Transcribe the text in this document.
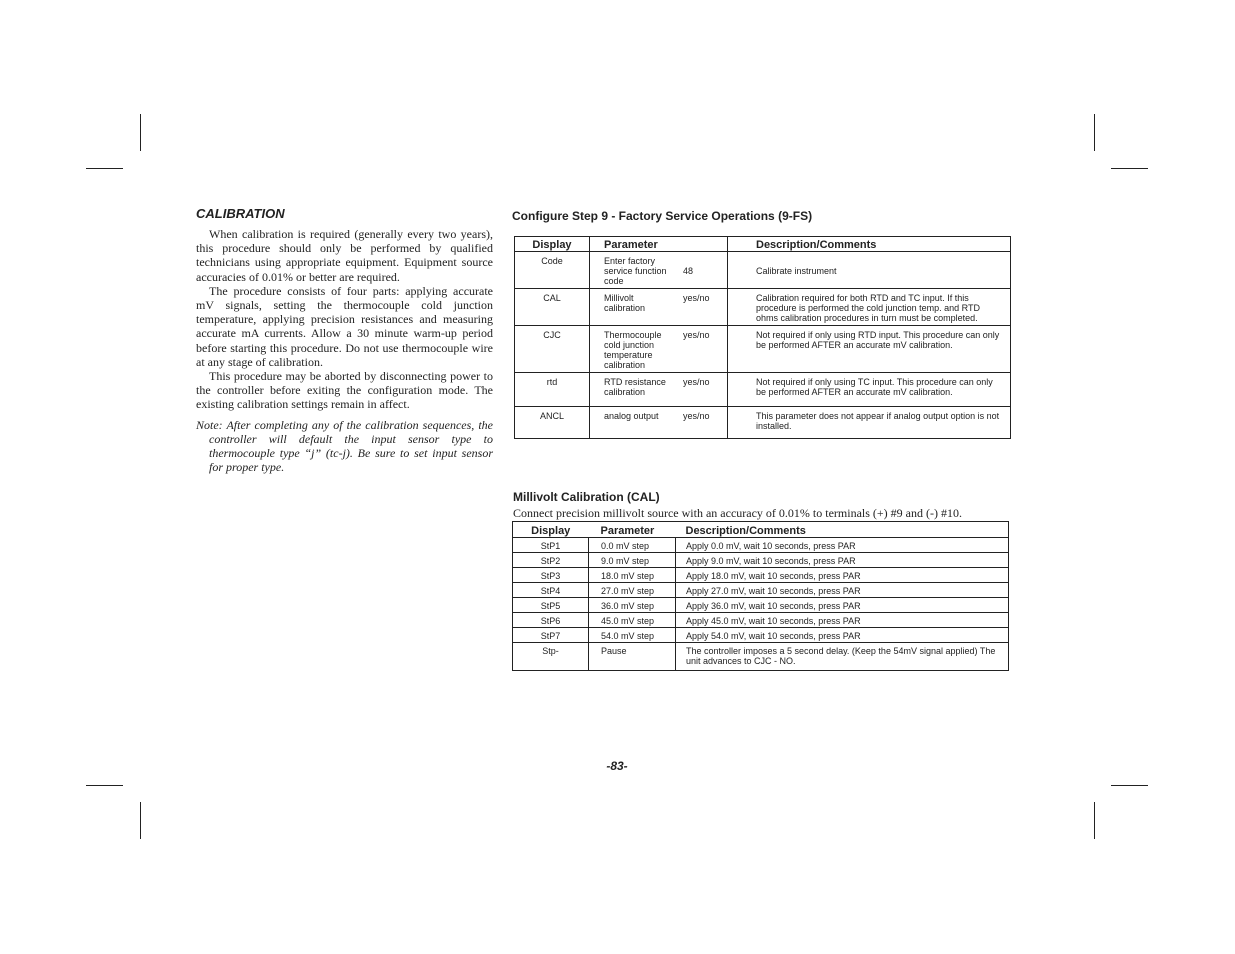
CALIBRATION

When calibration is required (generally every two years), this procedure should only be performed by qualified technicians using appropriate equipment. Equipment source accuracies of 0.01% or better are required.

The procedure consists of four parts: applying accurate mV signals, setting the thermocouple cold junction temperature, applying precision resistances and measuring accurate mA currents. Allow a 30 minute warm-up period before starting this procedure. Do not use thermocouple wire at any stage of calibration.

This procedure may be aborted by disconnecting power to the controller before exiting the configuration mode. The existing calibration settings remain in affect.

Note: After completing any of the calibration sequences, the controller will default the input sensor type to thermocouple type “j” (tc-j). Be sure to set input sensor for proper type.

Configure Step 9 - Factory Service Operations (9-FS)
Display	Parameter		Description/Comments
Code	Enter factory service function code	48	Calibrate instrument
CAL	Millivolt calibration	yes/no	Calibration required for both RTD and TC input. If this procedure is performed the cold junction temp. and RTD ohms calibration procedures in turn must be completed.
CJC	Thermocouple cold junction temperature calibration	yes/no	Not required if only using RTD input. This procedure can only be performed AFTER an accurate mV calibration.
rtd	RTD resistance calibration	yes/no	Not required if only using TC input. This procedure can only be performed AFTER an accurate mV calibration.
ANCL	analog output	yes/no	This parameter does not appear if analog output option is not installed.
Millivolt Calibration (CAL)

Connect precision millivolt source with an accuracy of 0.01% to terminals (+) #9 and (-) #10.

Display	Parameter	Description/Comments
StP1	0.0 mV step	Apply 0.0 mV, wait 10 seconds, press PAR
StP2	9.0 mV step	Apply 9.0 mV, wait 10 seconds, press PAR
StP3	18.0 mV step	Apply 18.0 mV, wait 10 seconds, press PAR
StP4	27.0 mV step	Apply 27.0 mV, wait 10 seconds, press PAR
StP5	36.0 mV step	Apply 36.0 mV, wait 10 seconds, press PAR
StP6	45.0 mV step	Apply 45.0 mV, wait 10 seconds, press PAR
StP7	54.0 mV step	Apply 54.0 mV, wait 10 seconds, press PAR
Stp-	Pause	The controller imposes a 5 second delay. (Keep the 54mV signal applied) The unit advances to CJC - NO.

-83-
